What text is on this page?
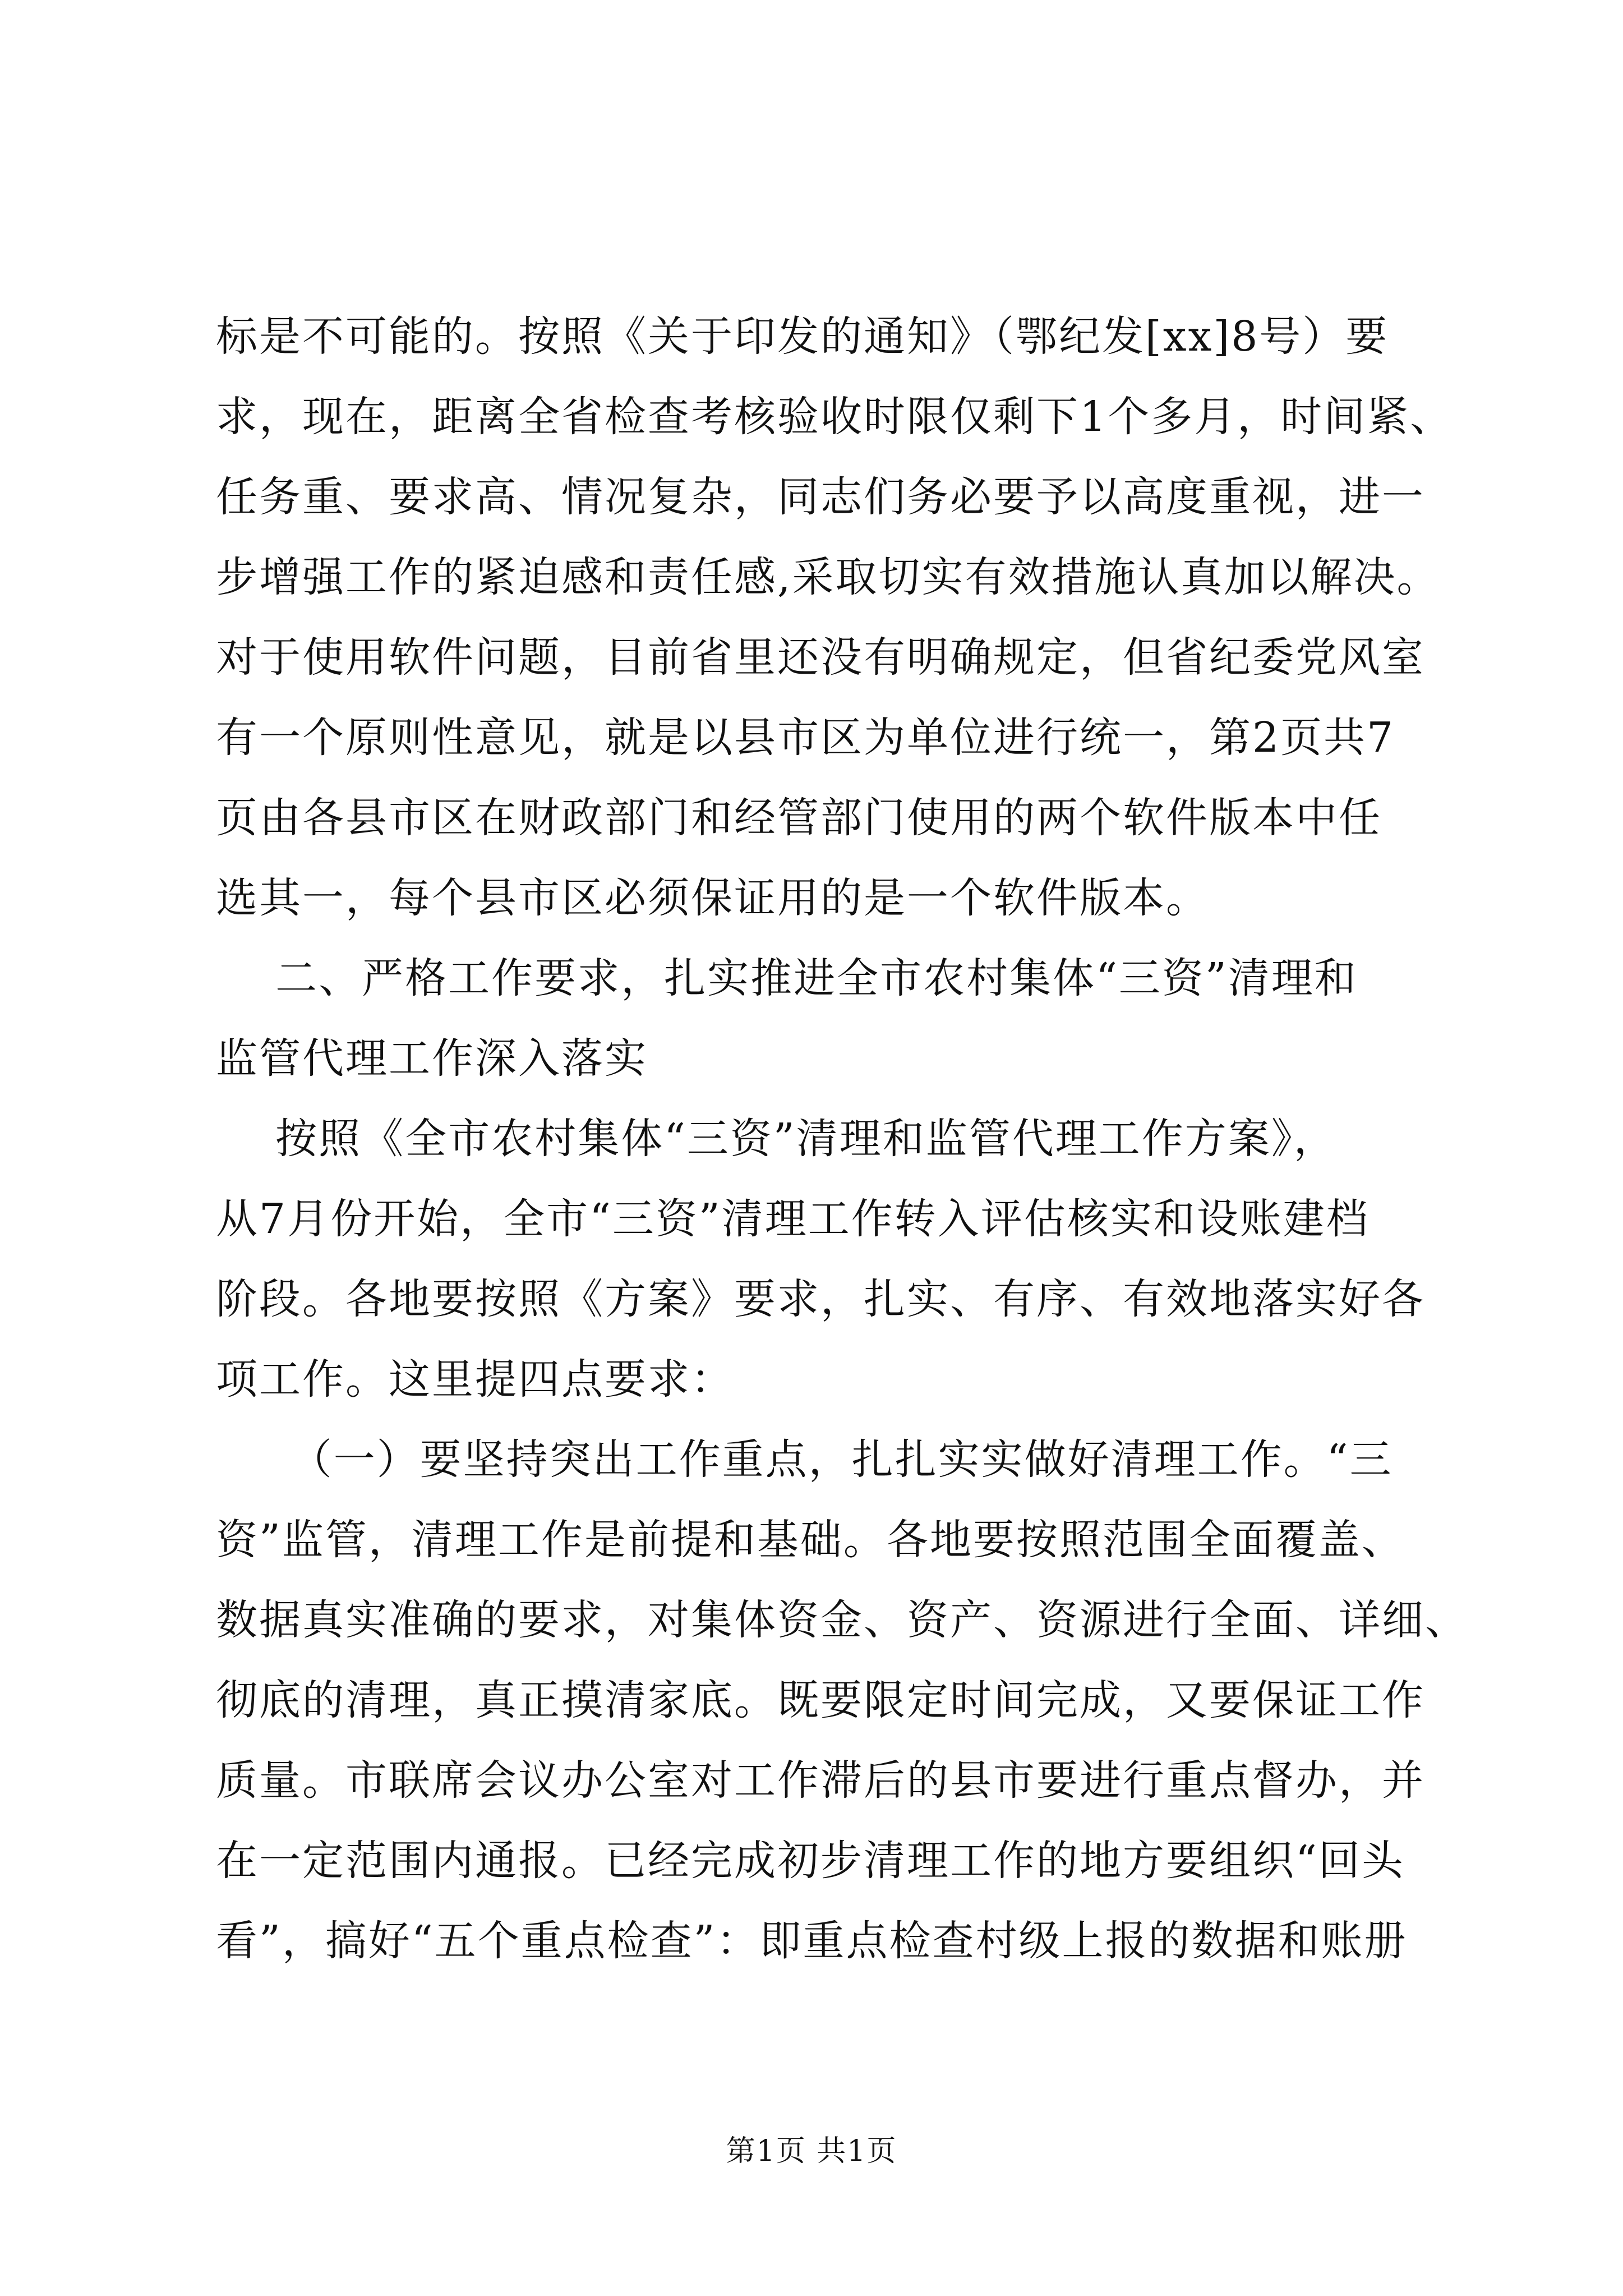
标是不可能的。按照《关于印发的通知》（鄂纪发[xx]8号）要
求，现在，距离全省检查考核验收时限仅剩下1个多月，时间紧、
任务重、要求高、情况复杂，同志们务必要予以高度重视，进一
步增强工作的紧迫感和责任感,采取切实有效措施认真加以解决。
对于使用软件问题，目前省里还没有明确规定，但省纪委党风室
有一个原则性意见，就是以县市区为单位进行统一，第2页共7
页由各县市区在财政部门和经管部门使用的两个软件版本中任
选其一，每个县市区必须保证用的是一个软件版本。
二、严格工作要求，扎实推进全市农村集体“三资”清理和
监管代理工作深入落实
按照《全市农村集体“三资”清理和监管代理工作方案》，
从7月份开始，全市“三资”清理工作转入评估核实和设账建档
阶段。各地要按照《方案》要求，扎实、有序、有效地落实好各
项工作。这里提四点要求：
（一）要坚持突出工作重点，扎扎实实做好清理工作。“三
资”监管，清理工作是前提和基础。各地要按照范围全面覆盖、
数据真实准确的要求，对集体资金、资产、资源进行全面、详细、
彻底的清理，真正摸清家底。既要限定时间完成，又要保证工作
质量。市联席会议办公室对工作滞后的县市要进行重点督办，并
在一定范围内通报。已经完成初步清理工作的地方要组织“回头
看”，搞好“五个重点检查”：即重点检查村级上报的数据和账册
第1页 共1页
